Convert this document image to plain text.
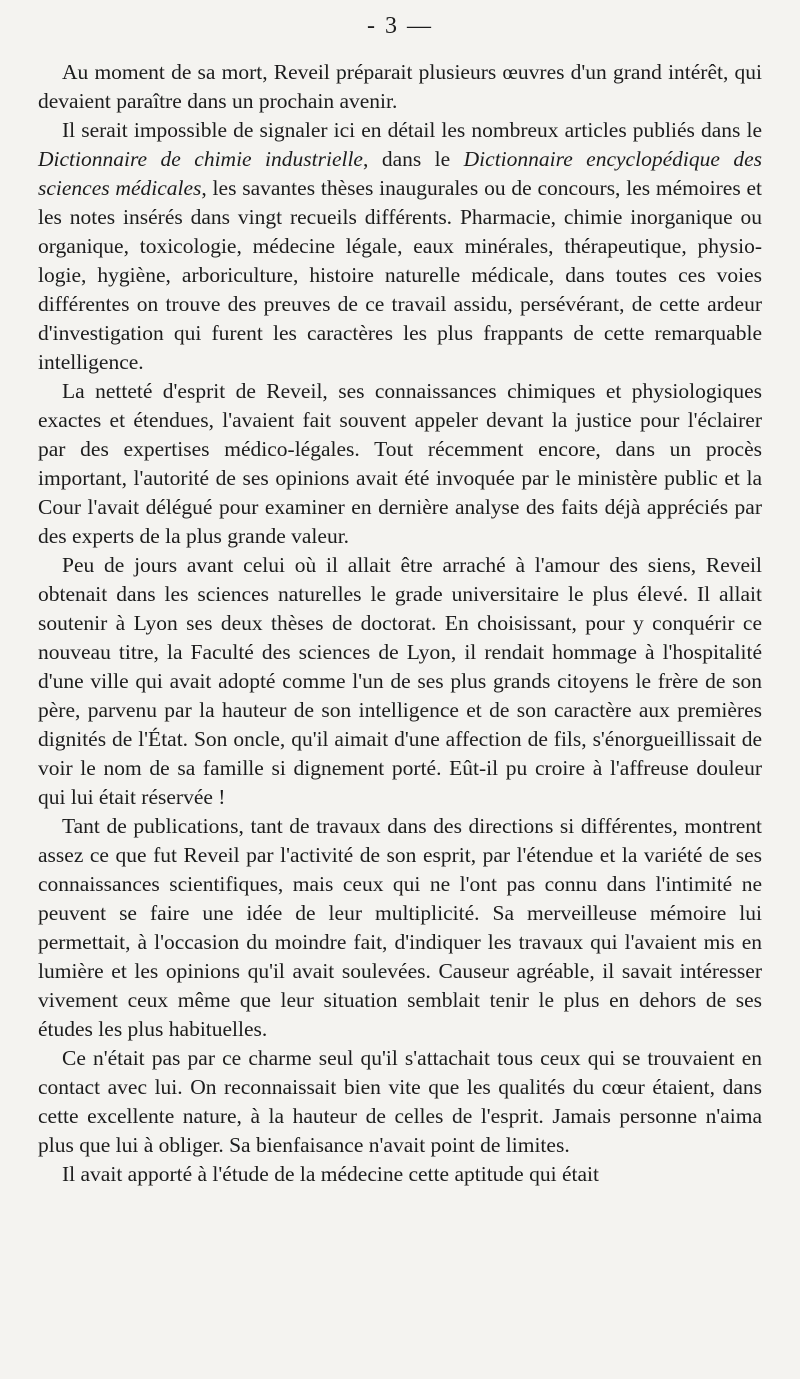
- 3 —

Au moment de sa mort, Reveil préparait plusieurs œuvres d'un grand intérêt, qui devaient paraître dans un prochain avenir.

Il serait impossible de signaler ici en détail les nombreux articles publiés dans le Dictionnaire de chimie industrielle, dans le Dictionnaire encyclopédique des sciences médicales, les savantes thèses inaugurales ou de concours, les mémoires et les notes insérés dans vingt recueils différents. Pharmacie, chimie inorganique ou organique, toxicologie, médecine légale, eaux minérales, thérapeutique, physiologie, hygiène, arboriculture, histoire naturelle médicale, dans toutes ces voies différentes on trouve des preuves de ce travail assidu, persévérant, de cette ardeur d'investigation qui furent les caractères les plus frappants de cette remarquable intelligence.

La netteté d'esprit de Reveil, ses connaissances chimiques et physiologiques exactes et étendues, l'avaient fait souvent appeler devant la justice pour l'éclairer par des expertises médico-légales. Tout récemment encore, dans un procès important, l'autorité de ses opinions avait été invoquée par le ministère public et la Cour l'avait délégué pour examiner en dernière analyse des faits déjà appréciés par des experts de la plus grande valeur.

Peu de jours avant celui où il allait être arraché à l'amour des siens, Reveil obtenait dans les sciences naturelles le grade universitaire le plus élevé. Il allait soutenir à Lyon ses deux thèses de doctorat. En choisissant, pour y conquérir ce nouveau titre, la Faculté des sciences de Lyon, il rendait hommage à l'hospitalité d'une ville qui avait adopté comme l'un de ses plus grands citoyens le frère de son père, parvenu par la hauteur de son intelligence et de son caractère aux premières dignités de l'État. Son oncle, qu'il aimait d'une affection de fils, s'énorgueillissait de voir le nom de sa famille si dignement porté. Eût-il pu croire à l'affreuse douleur qui lui était réservée !

Tant de publications, tant de travaux dans des directions si différentes, montrent assez ce que fut Reveil par l'activité de son esprit, par l'étendue et la variété de ses connaissances scientifiques, mais ceux qui ne l'ont pas connu dans l'intimité ne peuvent se faire une idée de leur multiplicité. Sa merveilleuse mémoire lui permettait, à l'occasion du moindre fait, d'indiquer les travaux qui l'avaient mis en lumière et les opinions qu'il avait soulevées. Causeur agréable, il savait intéresser vivement ceux même que leur situation semblait tenir le plus en dehors de ses études les plus habituelles.

Ce n'était pas par ce charme seul qu'il s'attachait tous ceux qui se trouvaient en contact avec lui. On reconnaissait bien vite que les qualités du cœur étaient, dans cette excellente nature, à la hauteur de celles de l'esprit. Jamais personne n'aima plus que lui à obliger. Sa bienfaisance n'avait point de limites.

Il avait apporté à l'étude de la médecine cette aptitude qui était
